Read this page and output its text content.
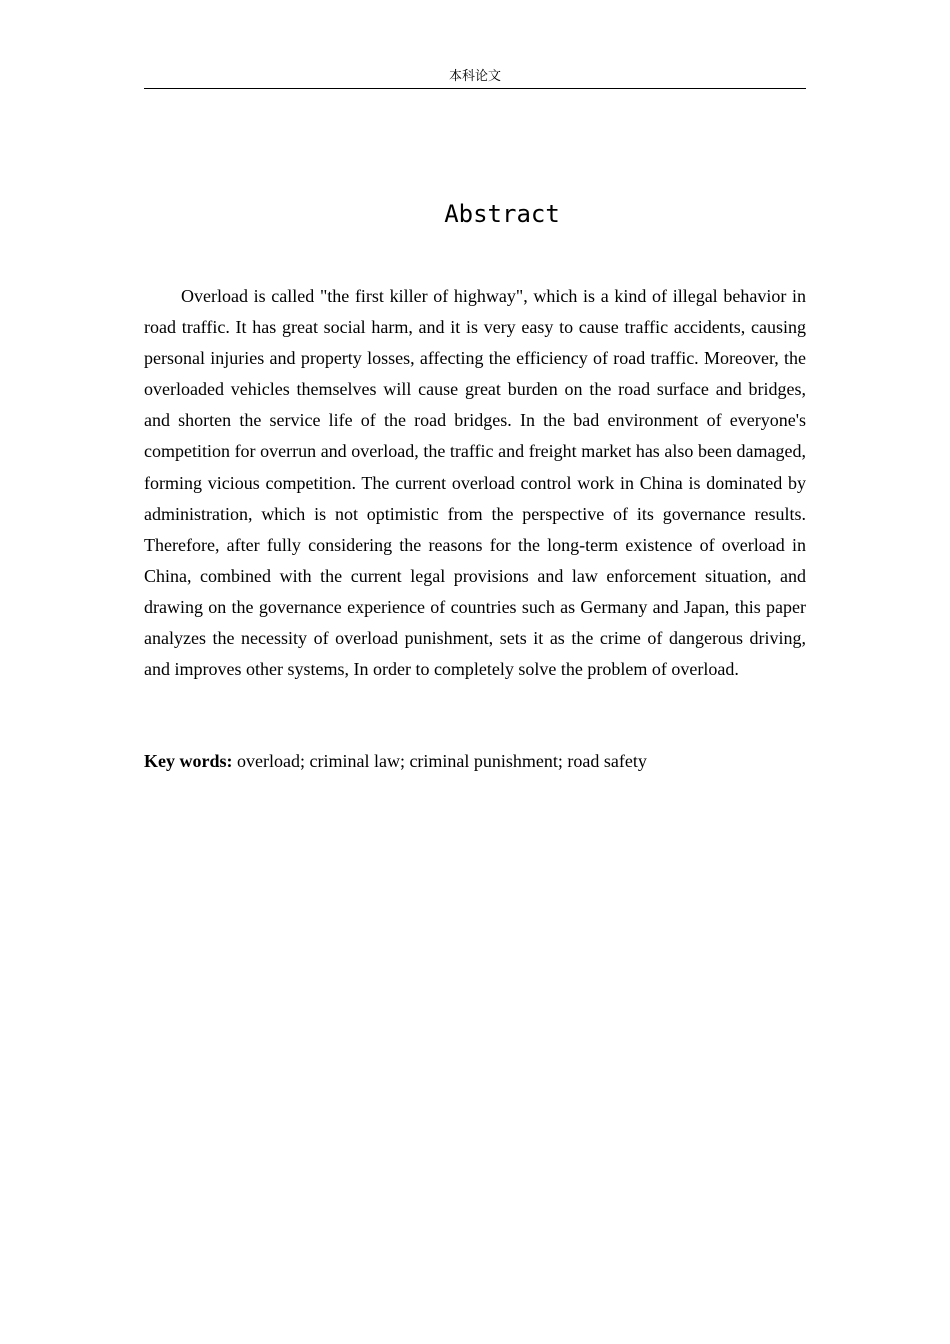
本科论文
Abstract

Overload is called "the first killer of highway", which is a kind of illegal behavior in road traffic. It has great social harm, and it is very easy to cause traffic accidents, causing personal injuries and property losses, affecting the efficiency of road traffic. Moreover, the overloaded vehicles themselves will cause great burden on the road surface and bridges, and shorten the service life of the road bridges. In the bad environment of everyone's competition for overrun and overload, the traffic and freight market has also been damaged, forming vicious competition. The current overload control work in China is dominated by administration, which is not optimistic from the perspective of its governance results. Therefore, after fully considering the reasons for the long-term existence of overload in China, combined with the current legal provisions and law enforcement situation, and drawing on the governance experience of countries such as Germany and Japan, this paper analyzes the necessity of overload punishment, sets it as the crime of dangerous driving, and improves other systems, In order to completely solve the problem of overload.

Key words: overload; criminal law; criminal punishment; road safety
